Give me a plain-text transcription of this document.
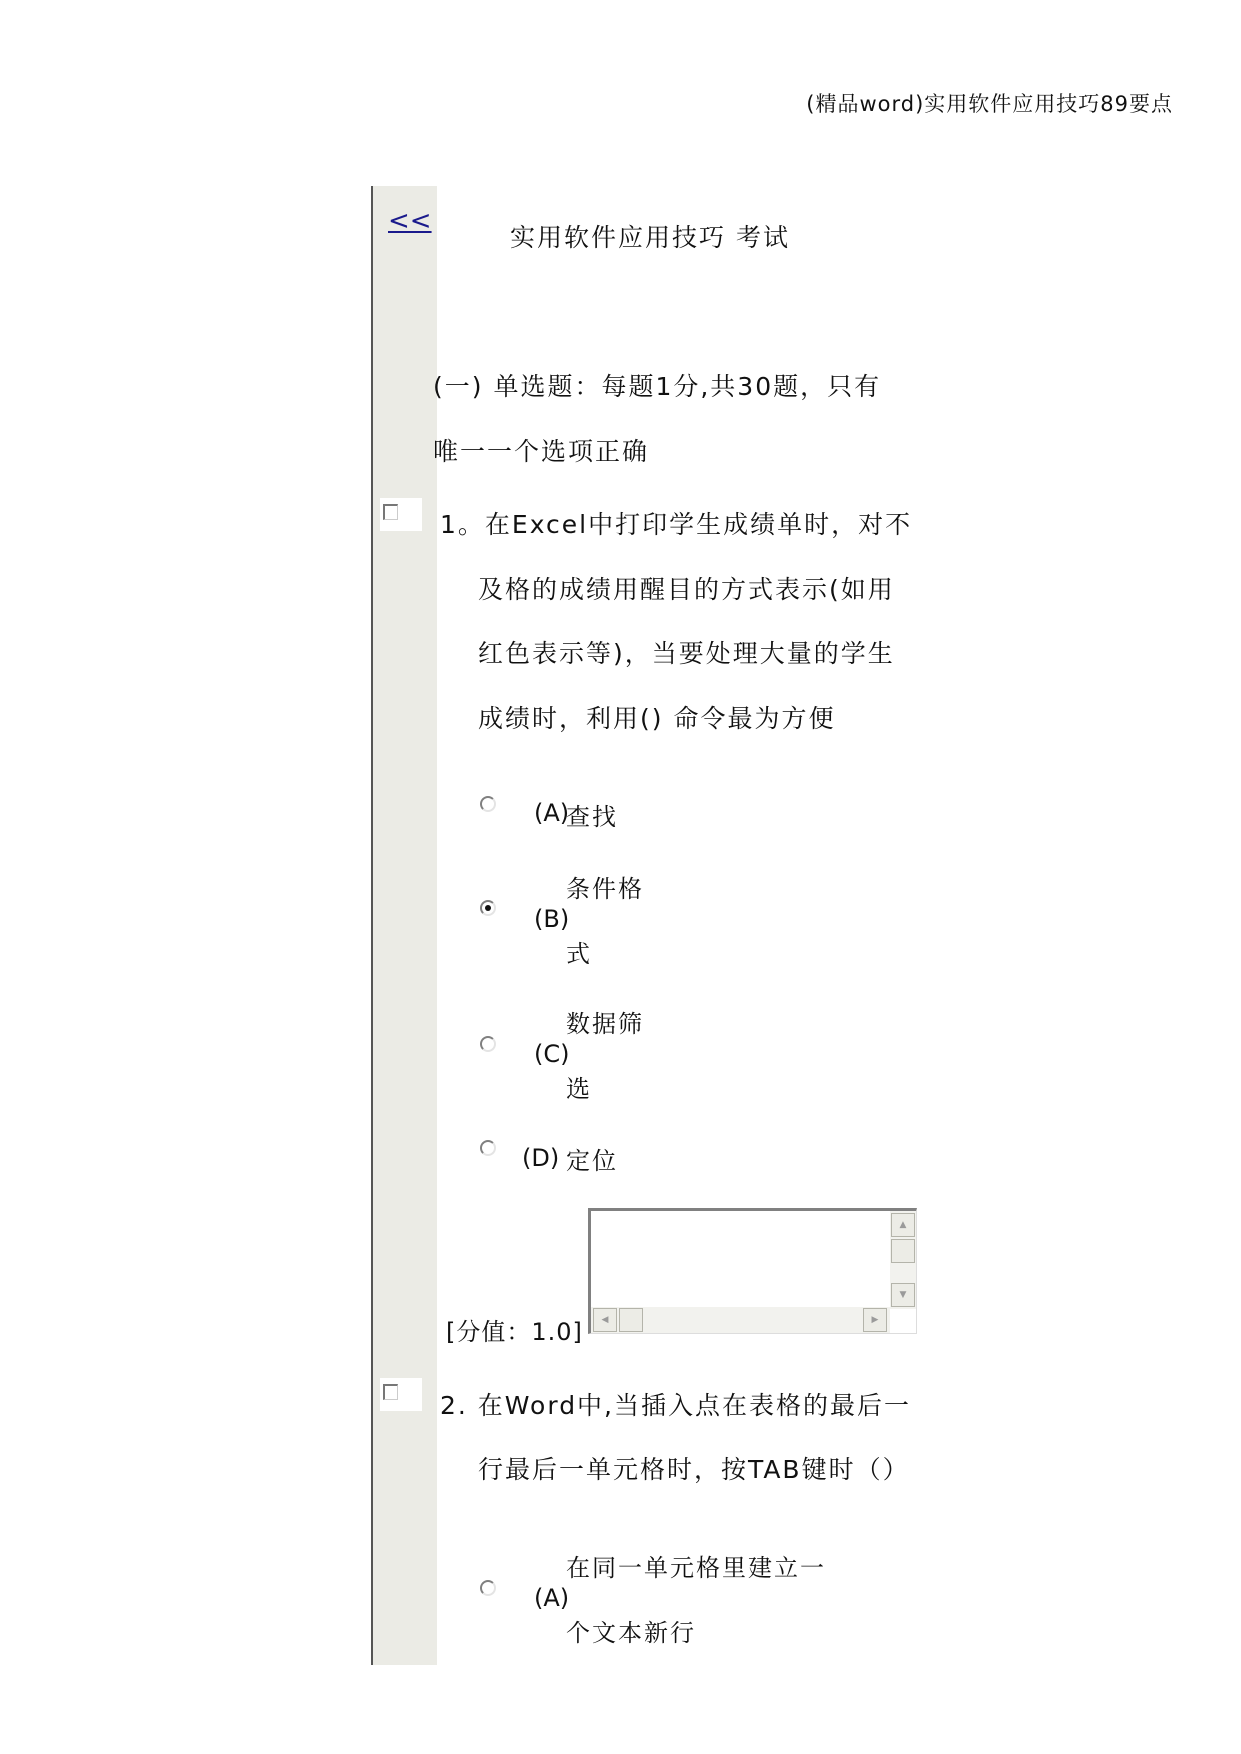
(精品word)实用软件应用技巧89要点
<<
实用软件应用技巧 考试
(一) 单选题：每题1分,共30题，只有
唯一一个选项正确
1。在Excel中打印学生成绩单时，对不
及格的成绩用醒目的方式表示(如用
红色表示等)，当要处理大量的学生
成绩时，利用() 命令最为方便
(A)
查找
(B)
条件格
式
(C)
数据筛
选
(D) 定位
▲
▼
◀	▶
[分值：1.0]
2. 在Word中,当插入点在表格的最后一
行最后一单元格时，按TAB键时（）
(A)
在同一单元格里建立一
个文本新行
